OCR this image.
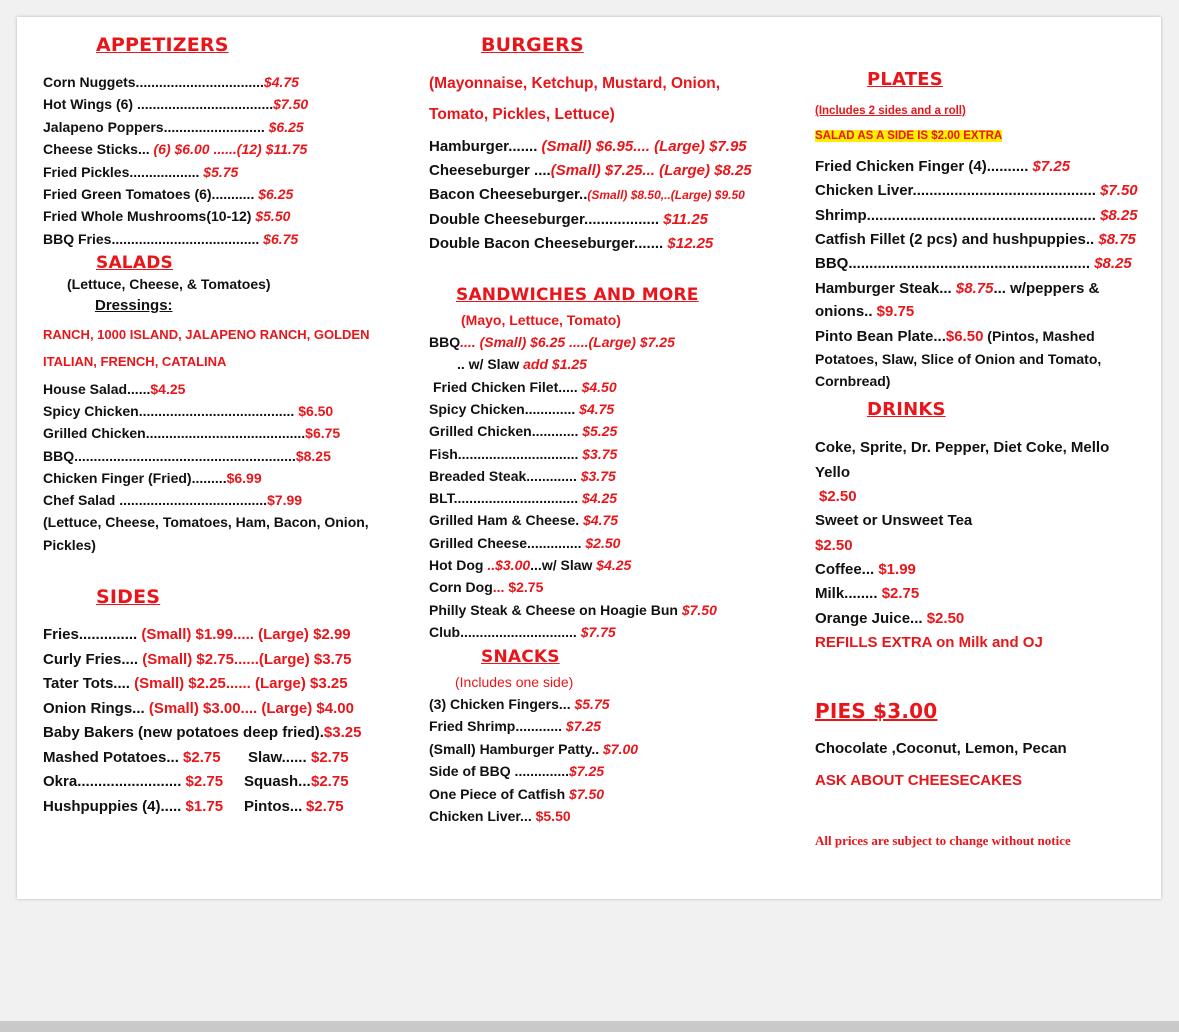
APPETIZERS
Corn Nuggets.................................$4.75
Hot Wings (6) ...................................$7.50
Jalapeno Poppers.......................... $6.25
Cheese Sticks... (6) $6.00 ......(12) $11.75
Fried Pickles.................. $5.75
Fried Green Tomatoes (6)........... $6.25
Fried Whole Mushrooms(10-12) $5.50
BBQ Fries...................................... $6.75
SALADS
(Lettuce, Cheese, & Tomatoes)
Dressings:
RANCH, 1000 ISLAND, JALAPENO RANCH, GOLDEN
ITALIAN, FRENCH, CATALINA
House Salad......$4.25
Spicy Chicken........................................ $6.50
Grilled Chicken.........................................$6.75
BBQ.........................................................$8.25
Chicken Finger (Fried).........$6.99
Chef Salad ......................................$7.99
(Lettuce, Cheese, Tomatoes, Ham, Bacon, Onion,
Pickles)
SIDES
Fries.............. (Small) $1.99..... (Large) $2.99
Curly Fries.... (Small) $2.75......(Large) $3.75
Tater Tots.... (Small) $2.25...... (Large) $3.25
Onion Rings... (Small) $3.00.... (Large) $4.00
Baby Bakers (new potatoes deep fried).$3.25
Mashed Potatoes... $2.75 Slaw...... $2.75
Okra......................... $2.75 Squash... $2.75
Hushpuppies (4)..... $1.75 Pintos... $2.75
BURGERS
(Mayonnaise, Ketchup, Mustard, Onion,
Tomato, Pickles, Lettuce)
Hamburger....... (Small) $6.95.... (Large) $7.95
Cheeseburger ....(Small) $7.25... (Large) $8.25
Bacon Cheeseburger..(Small) $8.50,..(Large) $9.50
Double Cheeseburger.................. $11.25
Double Bacon Cheeseburger....... $12.25
SANDWICHES AND MORE
(Mayo, Lettuce, Tomato)
BBQ.... (Small) $6.25 .....(Large) $7.25
.. w/ Slaw add $1.25
Fried Chicken Filet..... $4.50
Spicy Chicken............. $4.75
Grilled Chicken............ $5.25
Fish............................... $3.75
Breaded Steak............. $3.75
BLT................................ $4.25
Grilled Ham & Cheese. $4.75
Grilled Cheese.............. $2.50
Hot Dog ..$3.00...w/ Slaw $4.25
Corn Dog... $2.75
Philly Steak & Cheese on Hoagie Bun $7.50
Club.............................. $7.75
SNACKS
(Includes one side)
(3) Chicken Fingers... $5.75
Fried Shrimp............ $7.25
(Small) Hamburger Patty.. $7.00
Side of BBQ ..............$7.25
One Piece of Catfish $7.50
Chicken Liver... $5.50
PLATES
(Includes 2 sides and a roll)
SALAD AS A SIDE IS $2.00 EXTRA
Fried Chicken Finger (4).......... $7.25
Chicken Liver............................................ $7.50
Shrimp....................................................... $8.25
Catfish Fillet (2 pcs) and hushpuppies.. $8.75
BBQ.......................................................... $8.25
Hamburger Steak... $8.75... w/peppers &
onions.. $9.75
Pinto Bean Plate...$6.50 (Pintos, Mashed
Potatoes, Slaw, Slice of Onion and Tomato,
Cornbread)
DRINKS
Coke, Sprite, Dr. Pepper, Diet Coke, Mello
Yello
$2.50
Sweet or Unsweet Tea
$2.50
Coffee... $1.99
Milk........ $2.75
Orange Juice... $2.50
REFILLS EXTRA on Milk and OJ
PIES $3.00
Chocolate ,Coconut, Lemon, Pecan
ASK ABOUT CHEESECAKES
All prices are subject to change without notice
